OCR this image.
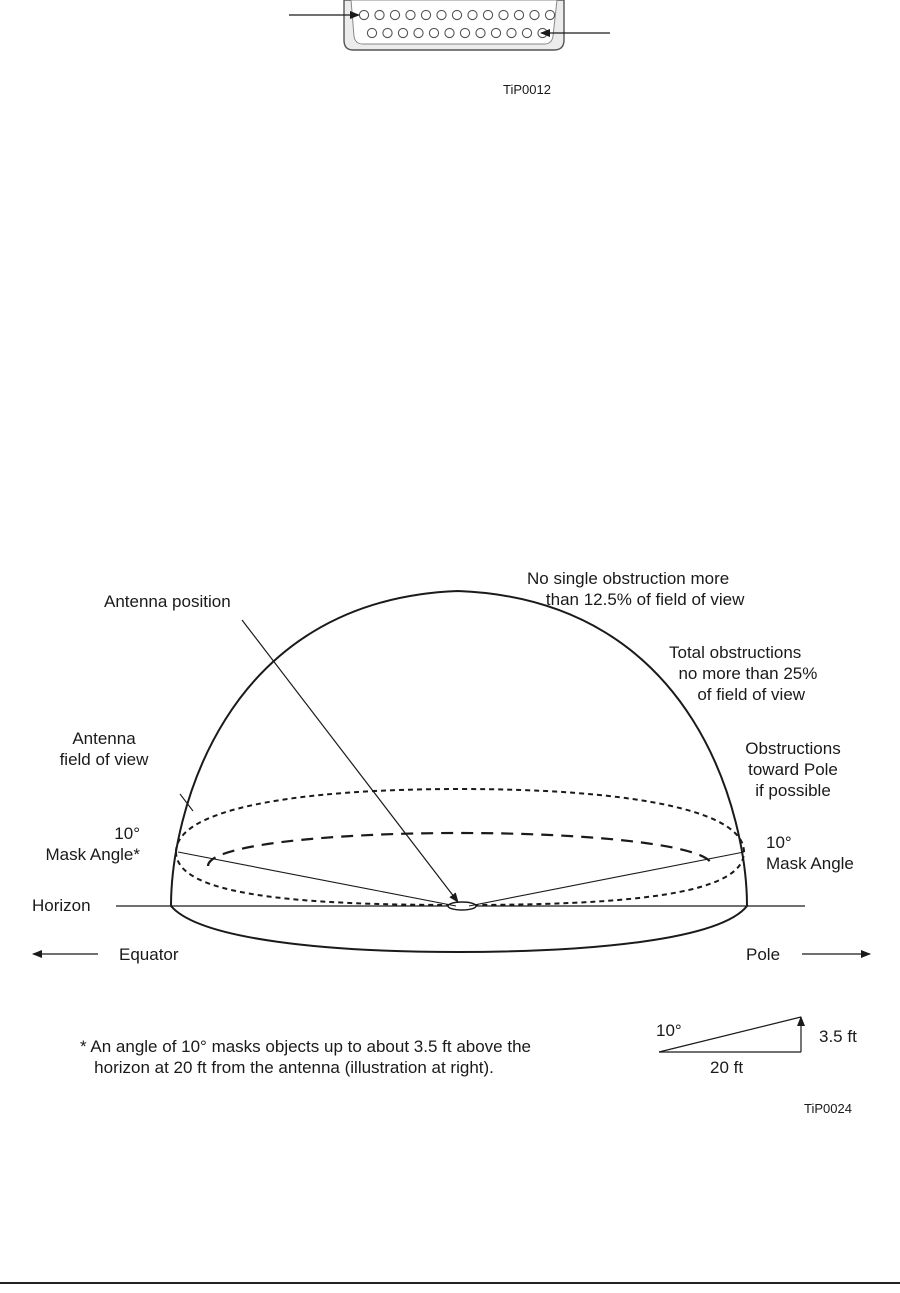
TiP0012
Antenna position
No single obstruction more
than 12.5% of field of view
Total obstructions
no more than 25%
of field of view
Obstructions
toward Pole
if possible
Antenna
field of view
10°
Mask Angle*
10°
Mask Angle
Horizon
Equator	Pole
* An angle of 10° masks objects up to about 3.5 ft above the
horizon at 20 ft from the antenna (illustration at right).
10°	3.5 ft
20 ft
TiP0024
